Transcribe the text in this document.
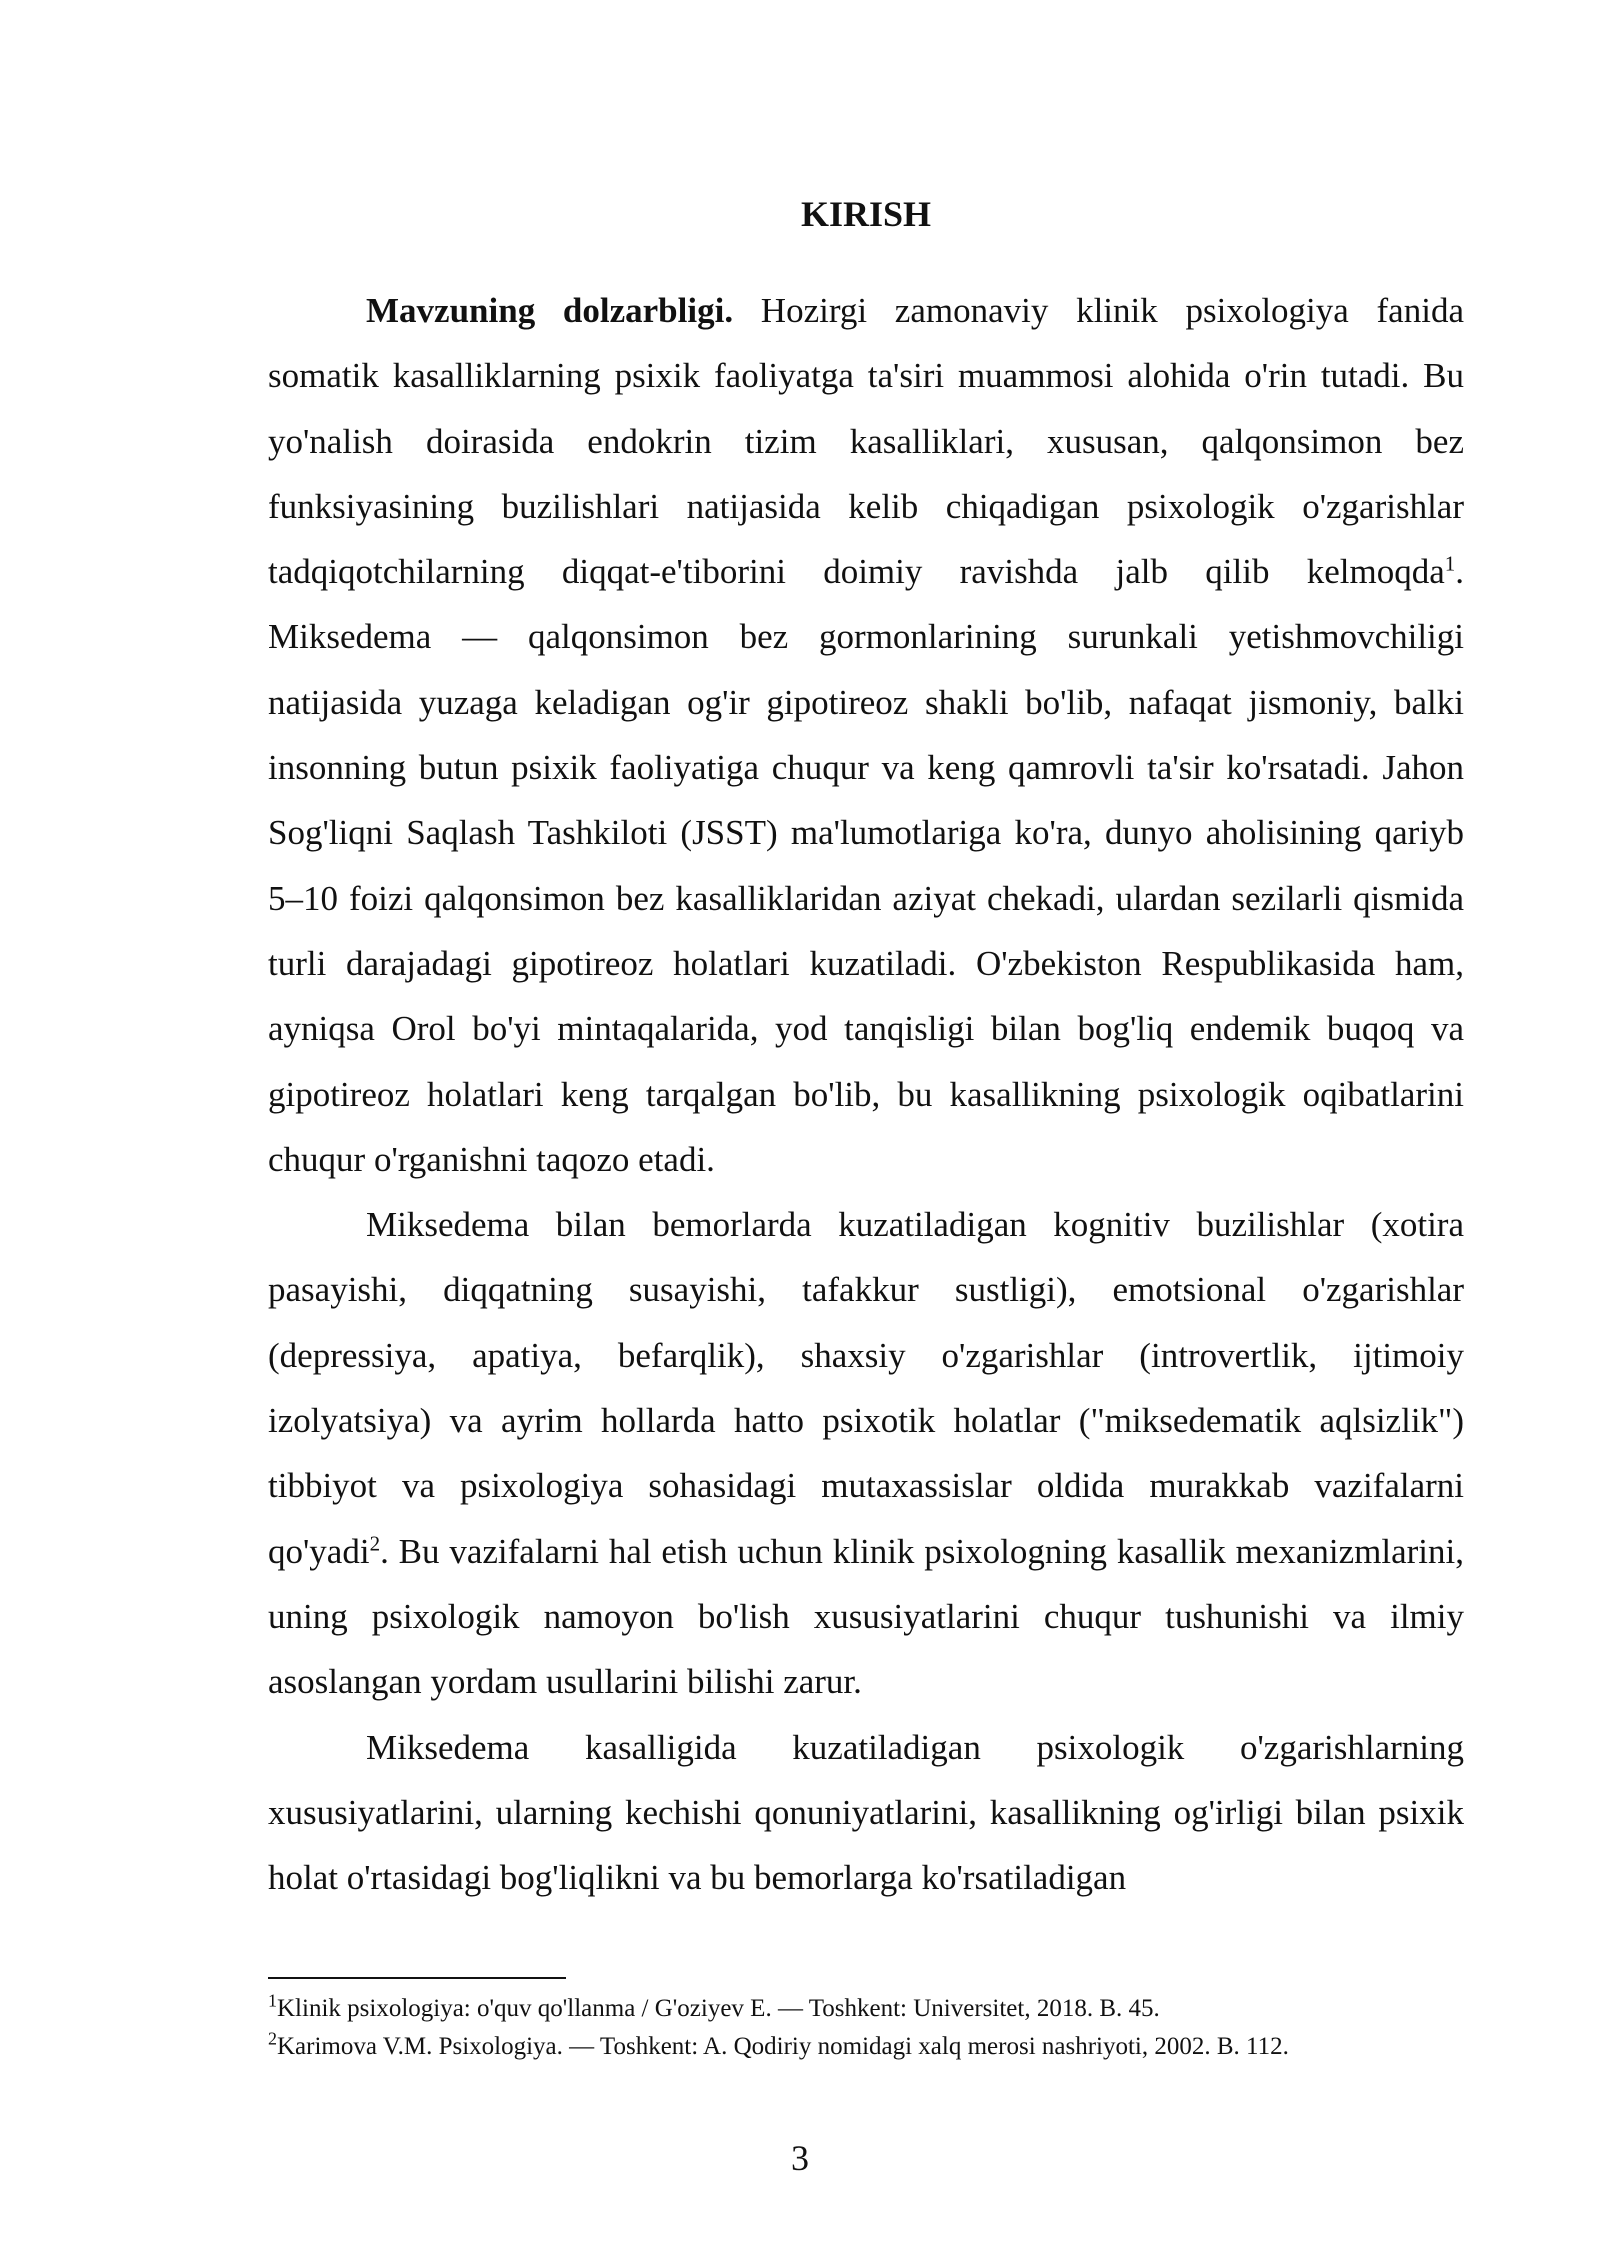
KIRISH

Mavzuning dolzarbligi. Hozirgi zamonaviy klinik psixologiya fanida somatik kasalliklarning psixik faoliyatga ta'siri muammosi alohida o'rin tutadi. Bu yo'nalish doirasida endokrin tizim kasalliklari, xususan, qalqonsimon bez funksiyasining buzilishlari natijasida kelib chiqadigan psixologik o'zgarishlar tadqiqotchilarning diqqat-e'tiborini doimiy ravishda jalb qilib kelmoqda$^1$. Miksedema — qalqonsimon bez gormonlarining surunkali yetishmovchiligi natijasida yuzaga keladigan og'ir gipotireoz shakli bo'lib, nafaqat jismoniy, balki insonning butun psixik faoliyatiga chuqur va keng qamrovli ta'sir ko'rsatadi. Jahon Sog'liqni Saqlash Tashkiloti (JSST) ma'lumotlariga ko'ra, dunyo aholisining qariyb 5–10 foizi qalqonsimon bez kasalliklaridan aziyat chekadi, ulardan sezilarli qismida turli darajadagi gipotireoz holatlari kuzatiladi. O'zbekiston Respublikasida ham, ayniqsa Orol bo'yi mintaqalarida, yod tanqisligi bilan bog'liq endemik buqoq va gipotireoz holatlari keng tarqalgan bo'lib, bu kasallikning psixologik oqibatlarini chuqur o'rganishni taqozo etadi.

Miksedema bilan bemorlarda kuzatiladigan kognitiv buzilishlar (xotira pasayishi, diqqatning susayishi, tafakkur sustligi), emotsional o'zgarishlar (depressiya, apatiya, befarqlik), shaxsiy o'zgarishlar (introvertlik, ijtimoiy izolyatsiya) va ayrim hollarda hatto psixotik holatlar ("miksedematik aqlsizlik") tibbiyot va psixologiya sohasidagi mutaxassislar oldida murakkab vazifalarni qo'yadi$^2$. Bu vazifalarni hal etish uchun klinik psixologning kasallik mexanizmlarini, uning psixologik namoyon bo'lish xususiyatlarini chuqur tushunishi va ilmiy asoslangan yordam usullarini bilishi zarur.

Miksedema kasalligida kuzatiladigan psixologik o'zgarishlarning xususiyatlarini, ularning kechishi qonuniyatlarini, kasallikning og'irligi bilan psixik holat o'rtasidagi bog'liqlikni va bu bemorlarga ko'rsatiladigan

$^1$Klinik psixologiya: o'quv qo'llanma / G'oziyev E. — Toshkent: Universitet, 2018. B. 45.

$^2$Karimova V.M. Psixologiya. — Toshkent: A. Qodiriy nomidagi xalq merosi nashriyoti, 2002. B. 112.

3
